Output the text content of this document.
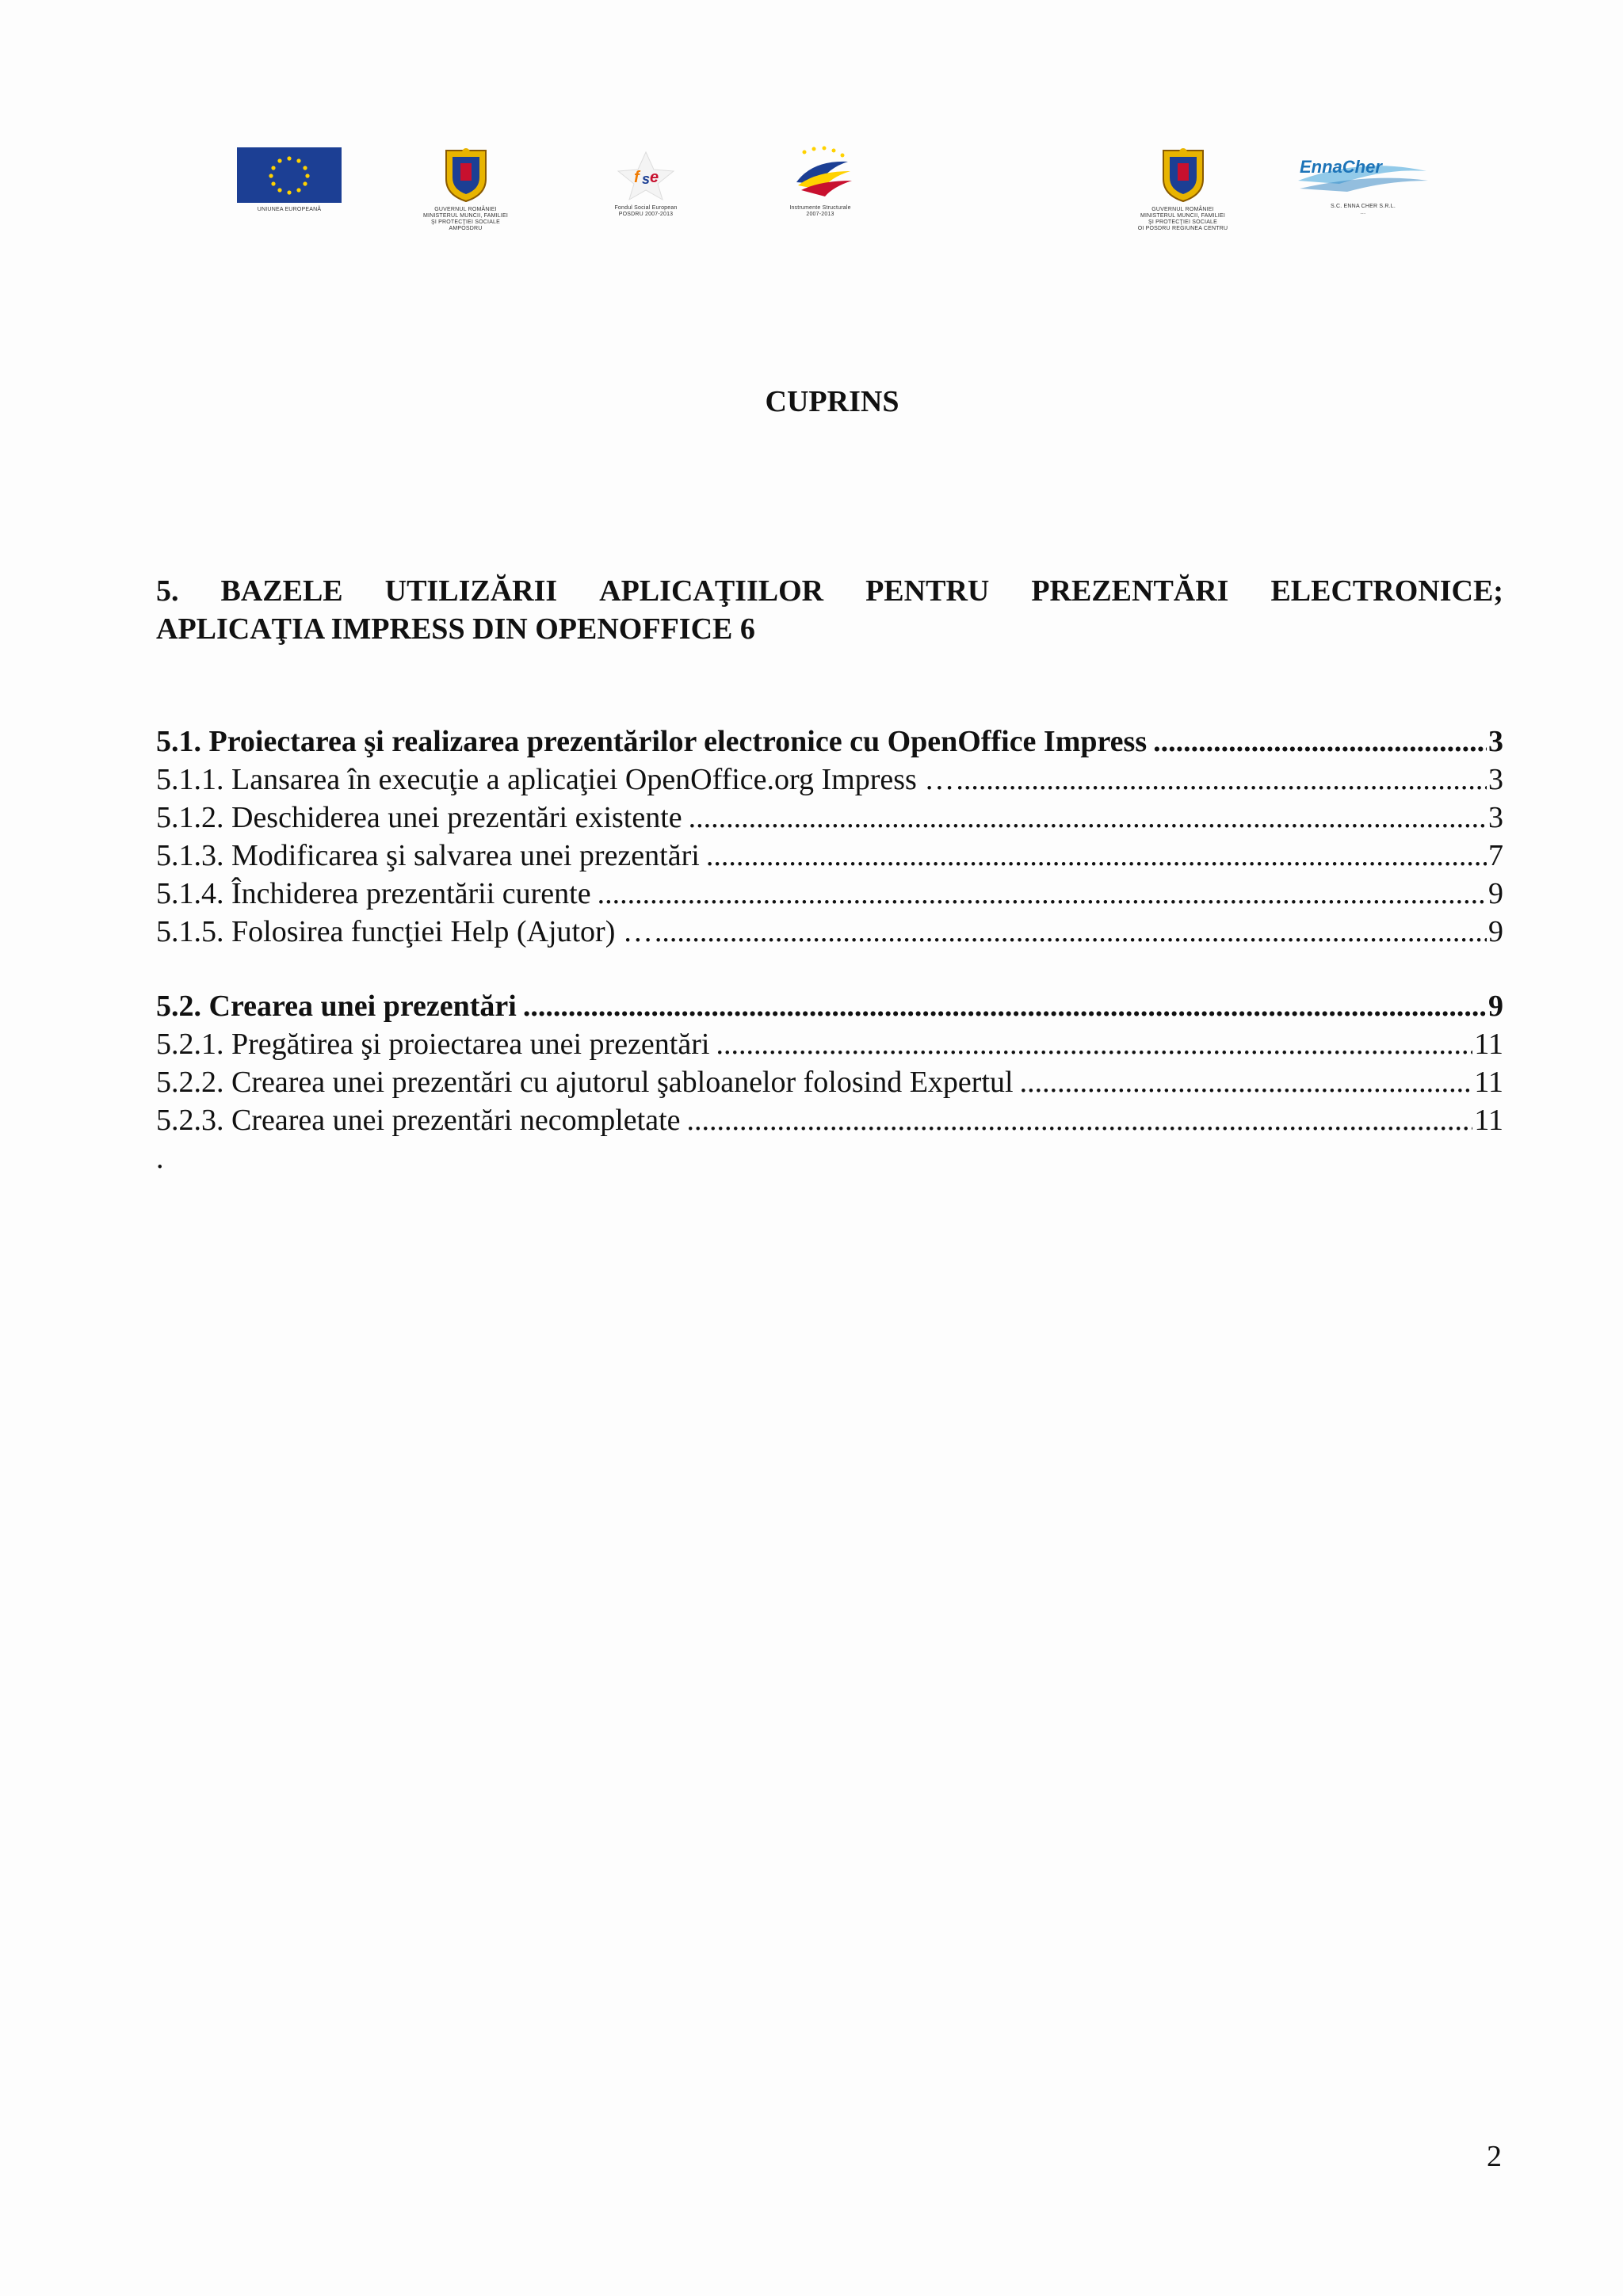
UNIUNEA EUROPEANĂ	GUVERNUL ROMÂNIEI
MINISTERUL MUNCII, FAMILIEI
ŞI PROTECŢIEI SOCIALE
AMPOSDRU
f s e
Fondul Social European
POSDRU 2007-2013
Instrumente Structurale
2007-2013
GUVERNUL ROMÂNIEI
MINISTERUL MUNCII, FAMILIEI
ŞI PROTECŢIEI SOCIALE
OI POSDRU REGIUNEA CENTRU
EnnaCher
S.C. ENNA CHER S.R.L.
...
CUPRINS
5. BAZELE UTILIZĂRII APLICAŢIILOR PENTRU PREZENTĂRI ELECTRONICE;
APLICAŢIA IMPRESS DIN OPENOFFICE 6
5.1. Proiectarea şi realizarea prezentărilor electronice cu OpenOffice Impress .....	3
5.1.1. Lansarea în execuţie a aplicaţiei OpenOffice.org Impress … .....	3
5.1.2. Deschiderea unei prezentări existente .....	3
5.1.3. Modificarea şi salvarea unei prezentări .....	7
5.1.4. Închiderea prezentării curente .....	9
5.1.5. Folosirea funcţiei Help (Ajutor) … .....	9
5.2. Crearea unei prezentări .....	9
5.2.1. Pregătirea şi proiectarea unei prezentări .....	11
5.2.2. Crearea unei prezentări cu ajutorul şabloanelor folosind Expertul .....	11
5.2.3. Crearea unei prezentări necompletate .....	11
.
2
